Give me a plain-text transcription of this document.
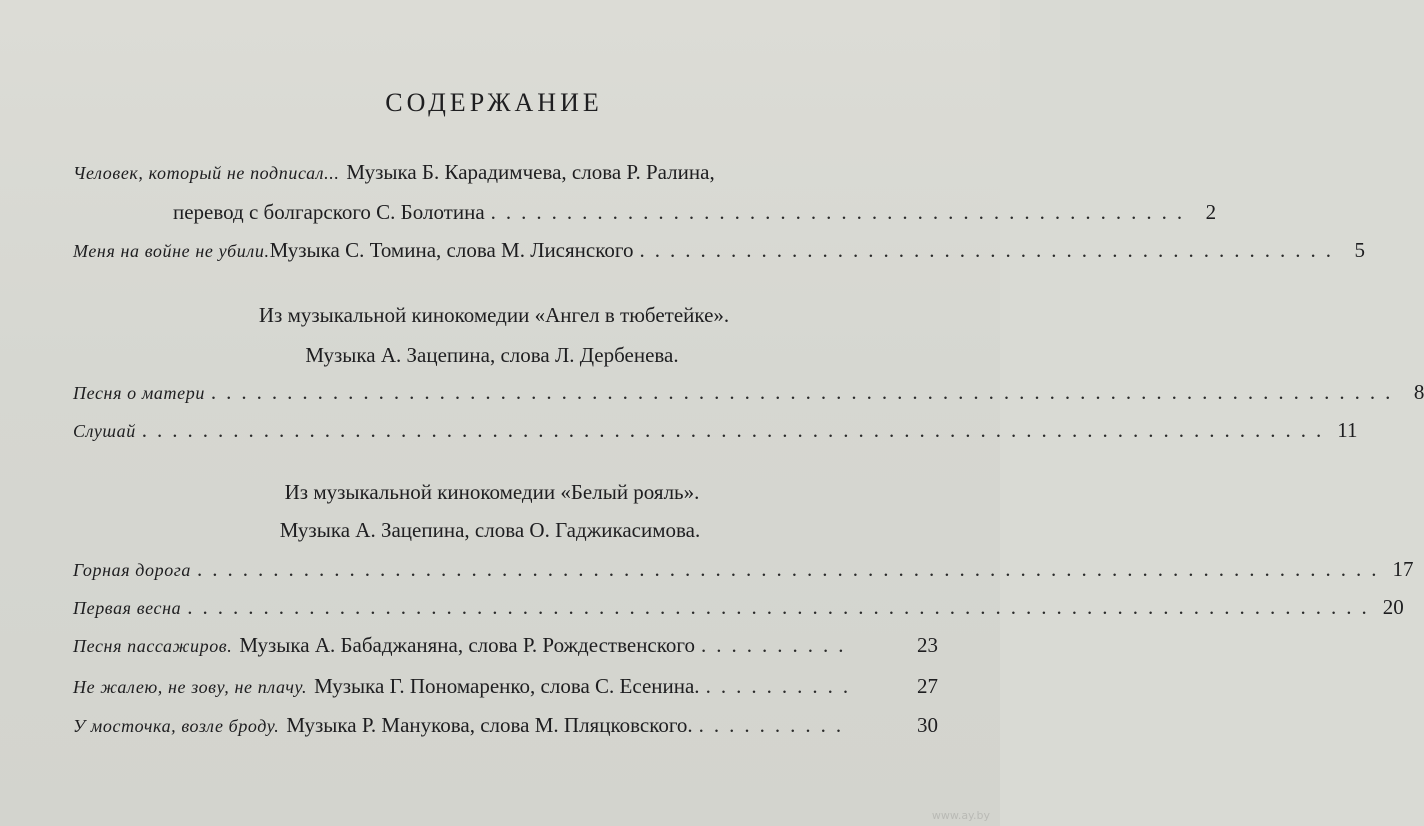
СОДЕРЖАНИЕ
Человек, который не подписал... Музыка Б. Карадимчева, слова Р. Ралина,
перевод с болгарского С. Болотина .............................................. 2
Меня на войне не убили. Музыка С. Томина, слова М. Лисянского .............................................. 5
Из музыкальной кинокомедии «Ангел в тюбетейке».
Музыка А. Зацепина, слова Л. Дербенева.
Песня о матери .............................................................................. 8
Слушай .............................................................................. 11
Из музыкальной кинокомедии «Белый рояль».
Музыка А. Зацепина, слова О. Гаджикасимова.
Горная дорога .............................................................................. 17
Первая весна .............................................................................. 20
Песня пассажиров. Музыка А. Бабаджаняна, слова Р. Рождественского ..........	23
Не жалею, не зову, не плачу. Музыка Г. Пономаренко, слова С. Есенина. ..........	27
У мосточка, возле броду. Музыка Р. Манукова, слова М. Пляцковского. ..........	30
www.ay.by
